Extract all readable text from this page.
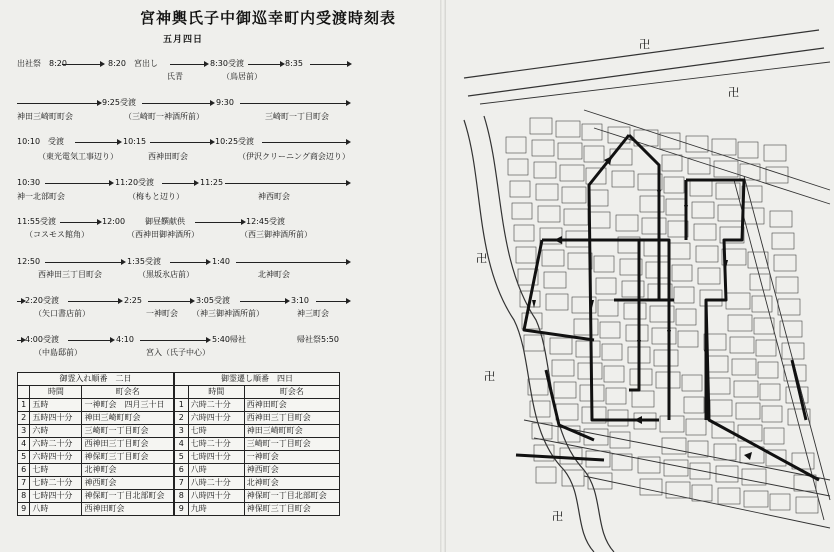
宮神輿氏子中御巡幸町内受渡時刻表
五月四日
出社祭　8:20	8:20　宮出し
氏青
8:30受渡
（鳥居前）
8:35
9:25受渡	9:30
神田三崎町町会	（三崎町一神酒所前）	三崎町一丁目町会
10:10　受渡	10:15	10:25受渡
（東光電気工事辺り）	西神田町会	（伊沢クリーニング商会辺り）
10:30	11:20受渡	11:25
神一北部町会	（梅もと辺り）	神西町会
11:55受渡	12:00 御昼饌献供	12:45受渡
（コスモス館角）	（西神田御神酒所）	（西三御神酒所前）
12:50	1:35受渡	1:40
西神田三丁目町会	（黒坂氷店前）	北神町会
2:20受渡	2:25	3:05受渡	3:10
（矢口書店前）	一神町会 （神三御神酒所前）	神三町会
4:00受渡	4:10	5:40帰社	帰社祭5:50
（中島邸前）	宮入（氏子中心）
御霊入れ順番　二日		
	時間	町会名
1	五時	一神町会　四月三十日
2	五時四十分	神田三崎町町会
3	六時	三崎町一丁目町会
4	六時二十分	西神田三丁目町会
5	六時四十分	神保町三丁目町会
6	七時	北神町会
7	七時二十分	神西町会
8	七時四十分	神保町一丁目北部町会
9	八時	西神田町会
御霊遷し順番　四日		
	時間	町会名
1	六時二十分	西神田町会
2	六時四十分	西神田三丁目町会
3	七時	神田三崎町町会
4	七時二十分	三崎町一丁目町会
5	七時四十分	一神町会
6	八時	神西町会
7	八時二十分	北神町会
8	八時四十分	神保町一丁目北部町会
9	九時	神保町三丁目町会
卍
卍
卍
卍
卍
